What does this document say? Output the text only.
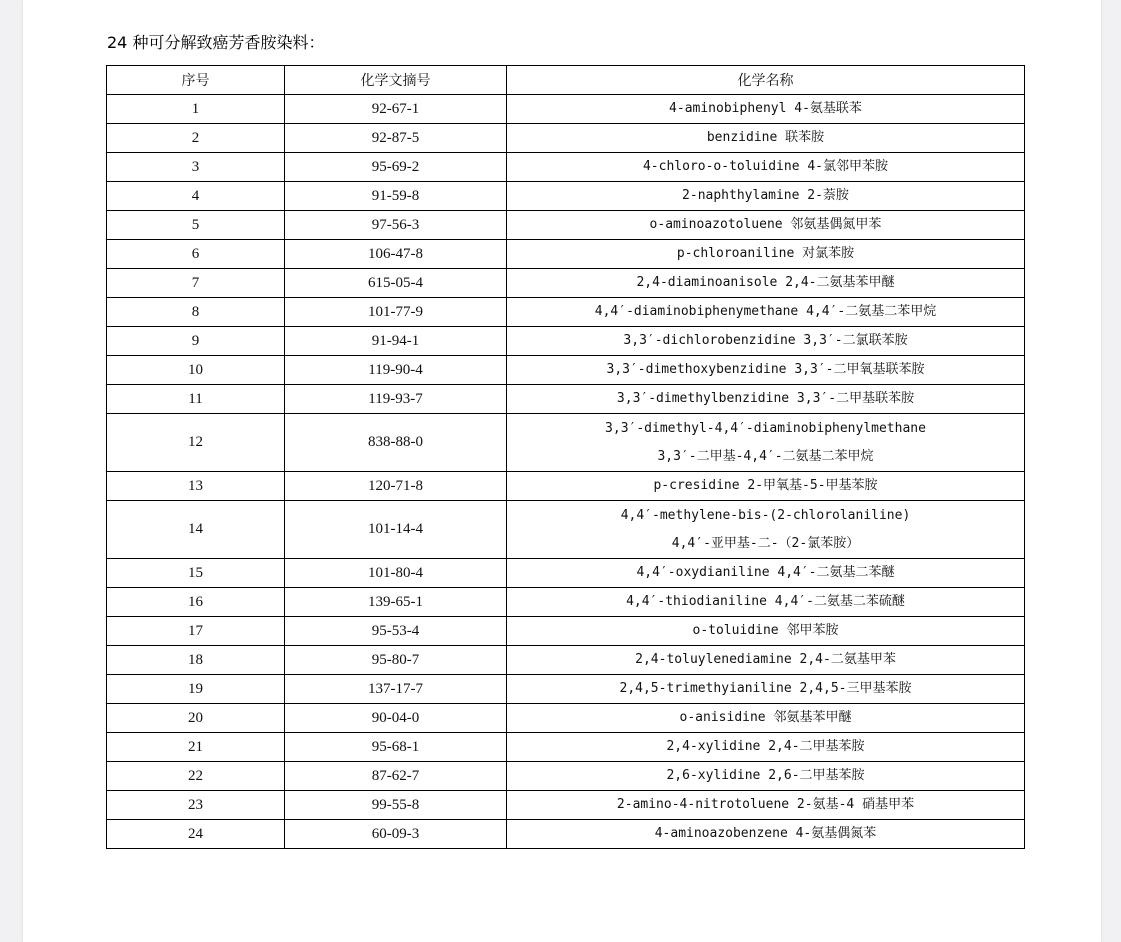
24 种可分解致癌芳香胺染料：
序号	化学文摘号	化学名称
1	92-67-1	4-aminobiphenyl 4-氨基联苯
2	92-87-5	benzidine 联苯胺
3	95-69-2	4-chloro-o-toluidine 4-氯邻甲苯胺
4	91-59-8	2-naphthylamine 2-萘胺
5	97-56-3	o-aminoazotoluene 邻氨基偶氮甲苯
6	106-47-8	p-chloroaniline 对氯苯胺
7	615-05-4	2,4-diaminoanisole 2,4-二氨基苯甲醚
8	101-77-9	4,4′-diaminobiphenymethane 4,4′-二氨基二苯甲烷
9	91-94-1	3,3′-dichlorobenzidine 3,3′-二氯联苯胺
10	119-90-4	3,3′-dimethoxybenzidine 3,3′-二甲氧基联苯胺
11	119-93-7	3,3′-dimethylbenzidine 3,3′-二甲基联苯胺
12	838-88-0	3,3′-dimethyl-4,4′-diaminobiphenylmethane
3,3′-二甲基-4,4′-二氨基二苯甲烷

13	120-71-8	p-cresidine 2-甲氧基-5-甲基苯胺
14	101-14-4	4,4′-methylene-bis-(2-chlorolaniline)
4,4′-亚甲基-二-（2-氯苯胺）

15	101-80-4	4,4′-oxydianiline 4,4′-二氨基二苯醚
16	139-65-1	4,4′-thiodianiline 4,4′-二氨基二苯硫醚
17	95-53-4	o-toluidine 邻甲苯胺
18	95-80-7	2,4-toluylenediamine 2,4-二氨基甲苯
19	137-17-7	2,4,5-trimethyianiline 2,4,5-三甲基苯胺
20	90-04-0	o-anisidine 邻氨基苯甲醚
21	95-68-1	2,4-xylidine 2,4-二甲基苯胺
22	87-62-7	2,6-xylidine 2,6-二甲基苯胺
23	99-55-8	2-amino-4-nitrotoluene 2-氨基-4 硝基甲苯
24	60-09-3	4-aminoazobenzene 4-氨基偶氮苯
